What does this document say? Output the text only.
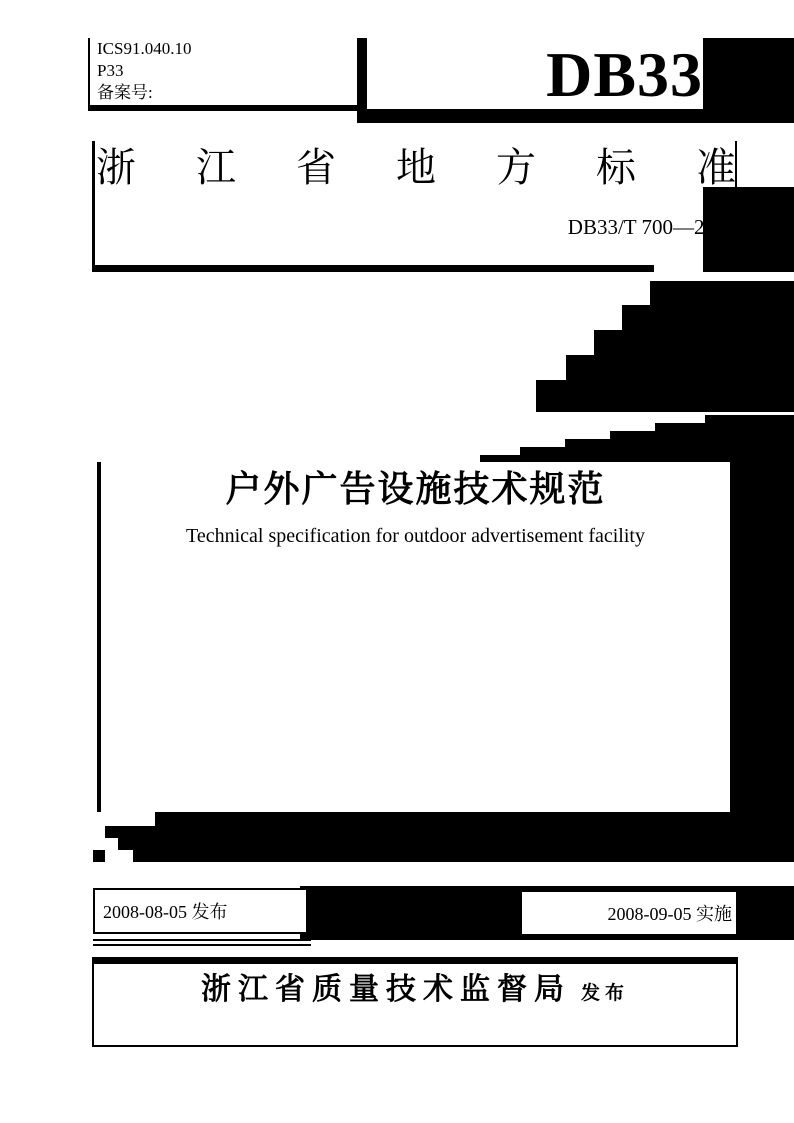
ICS91.040.10
P33
备案号:	DB33
浙 江 省 地 方 标 准
DB33/T 700—2008
户外广告设施技术规范
Technical specification for outdoor advertisement facility
2008-08-05 发布	2008-09-05 实施
浙江省质量技术监督局 发布
